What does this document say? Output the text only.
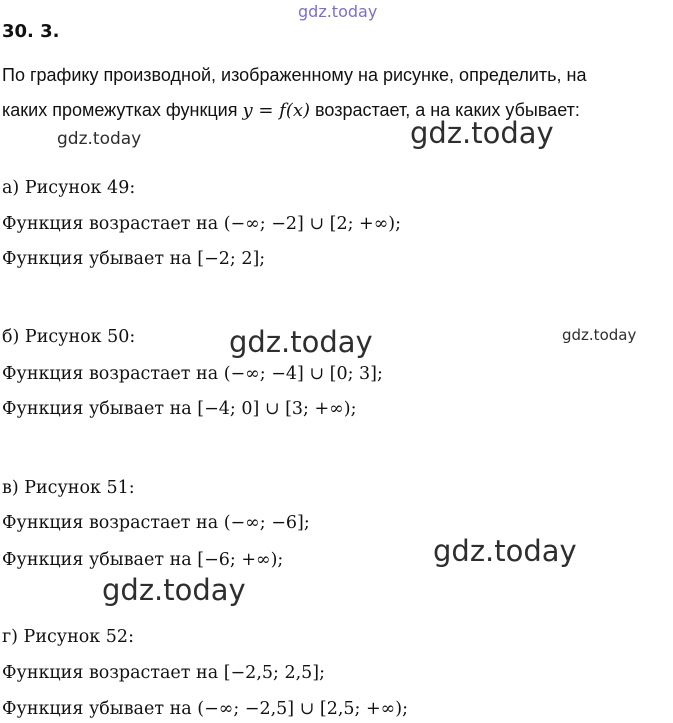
gdz.today
gdz.today	gdz.today
gdz.today	gdz.today
gdz.today
gdz.today
30. 3.
По графику производной, изображенному на рисунке, определить, на
каких промежутках функция y = f(x) возрастает, а на каких убывает:
а) Рисунок 49:
Функция возрастает на (−∞; −2] ∪ [2; +∞);
Функция убывает на [−2; 2];
б) Рисунок 50:
Функция возрастает на (−∞; −4] ∪ [0; 3];
Функция убывает на [−4; 0] ∪ [3; +∞);
в) Рисунок 51:
Функция возрастает на (−∞; −6];
Функция убывает на [−6; +∞);
г) Рисунок 52:
Функция возрастает на [−2,5; 2,5];
Функция убывает на (−∞; −2,5] ∪ [2,5; +∞);
